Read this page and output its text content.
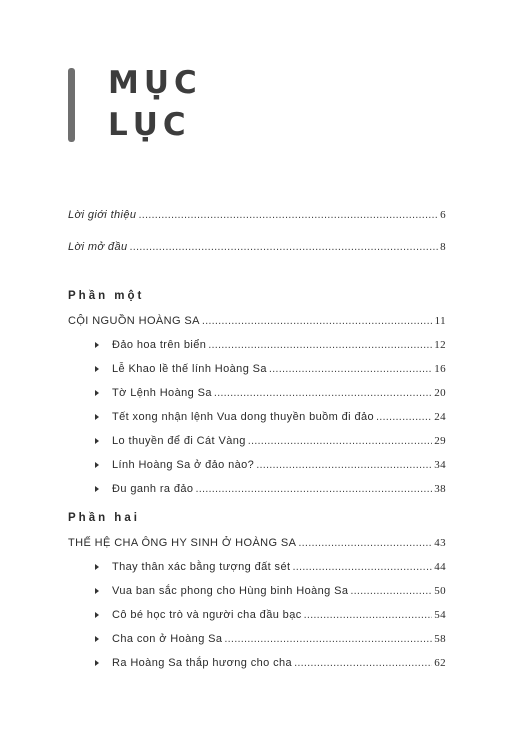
MỤC
LỤC
Lời giới thiệu .....	6
Lời mở đầu .....	8
Phần một
CỘI NGUỒN HOÀNG SA .....	11
Đảo hoa trên biển .....	12
Lễ Khao lề thế lính Hoàng Sa .....	16
Tờ Lệnh Hoàng Sa .....	20
Tết xong nhận lệnh Vua dong thuyền buồm đi đảo .....	24
Lo thuyền để đi Cát Vàng .....	29
Lính Hoàng Sa ở đảo nào? .....	34
Đu ganh ra đảo .....	38
Phần hai
THẾ HỆ CHA ÔNG HY SINH Ở HOÀNG SA .....	43
Thay thân xác bằng tượng đất sét .....	44
Vua ban sắc phong cho Hùng binh Hoàng Sa .....	50
Cô bé học trò và người cha đầu bạc .....	54
Cha con ở Hoàng Sa .....	58
Ra Hoàng Sa thắp hương cho cha .....	62
